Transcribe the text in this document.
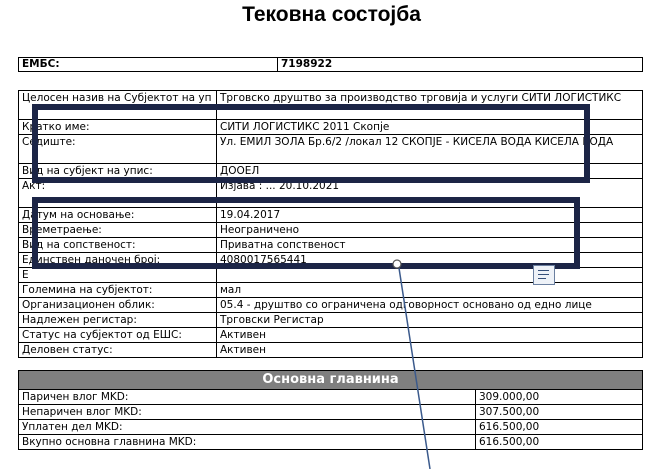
Тековна состојба
ЕМБС:	7198922
Целосен назив на Субјектот на уп	Трговско друштво за производство трговија и услуги СИТИ ЛОГИСТИКС
Кратко име:	СИТИ ЛОГИСТИКС 2011 Скопје
Седиште:	Ул. ЕМИЛ ЗОЛА Бр.6/2 /локал 12 СКОПЈЕ - КИСЕЛА ВОДА КИСЕЛА ВОДА
Вид на субјект на упис:	ДООЕЛ
Акт:	Изјава : ... 20.10.2021
Датум на основање:	19.04.2017
Времетраење:	Неограничено
Вид на сопственост:	Приватна сопственост
Единствен даночен број:	4080017565441
Е	
Големина на субјектот:	мал
Организационен облик:	05.4 - друштво со ограничена одговорност основано од едно лице
Надлежен регистар:	Трговски Регистар
Статус на субјектот од ЕШС:	Активен
Деловен статус:	Активен
Основна главнина	
Паричен влог MKD:	309.000,00
Непаричен влог MKD:	307.500,00
Уплатен дел MKD:	616.500,00
Вкупно основна главнина MKD:	616.500,00
